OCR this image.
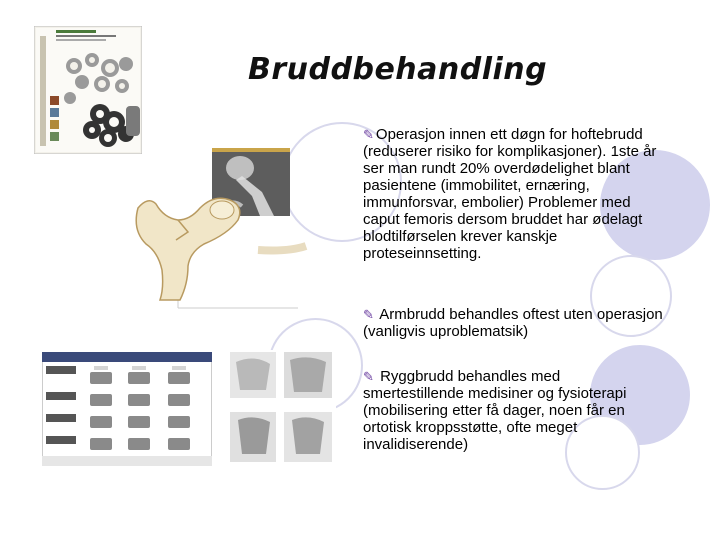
Bruddbehandling
✎ Operasjon innen ett døgn for hoftebrudd (reduserer risiko for komplikasjoner). 1ste år ser man rundt 20% overdødelighet blant pasientene (immobilitet, ernæring, immunforsvar, embolier) Problemer med caput femoris dersom bruddet har ødelagt blodtilførselen krever kanskje proteseinnsetting.
✎ Armbrudd behandles oftest uten operasjon (vanligvis uproblematsik)
✎ Ryggbrudd behandles med smertestillende medisiner og fysioterapi (mobilisering etter få dager, noen får en ortotisk kroppsstøtte, ofte meget invalidiserende)
